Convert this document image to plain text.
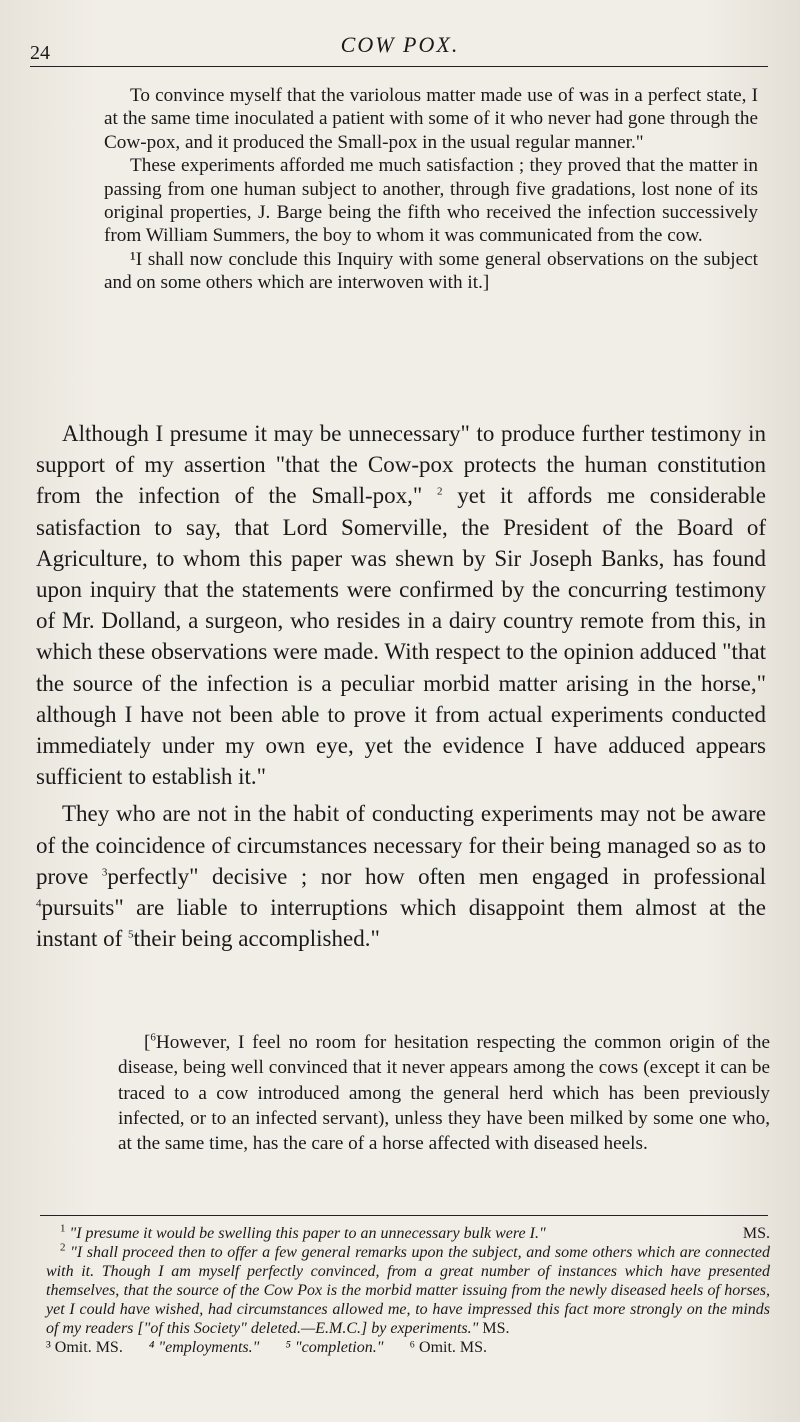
24	COW POX.

To convince myself that the variolous matter made use of was in a perfect state, I at the same time inoculated a patient with some of it who never had gone through the Cow-pox, and it produced the Small-pox in the usual regular manner."

These experiments afforded me much satisfaction ; they proved that the matter in passing from one human subject to another, through five gradations, lost none of its original properties, J. Barge being the fifth who received the infection successively from William Summers, the boy to whom it was communicated from the cow.

¹I shall now conclude this Inquiry with some general observations on the subject and on some others which are interwoven with it.]

Although I presume it may be unnecessary" to produce further testimony in support of my assertion "that the Cow-pox protects the human constitution from the infection of the Small-pox," $^2$ yet it affords me considerable satisfaction to say, that Lord Somerville, the President of the Board of Agriculture, to whom this paper was shewn by Sir Joseph Banks, has found upon inquiry that the statements were confirmed by the concurring testimony of Mr. Dolland, a surgeon, who resides in a dairy country remote from this, in which these observations were made. With respect to the opinion adduced "that the source of the infection is a peculiar morbid matter arising in the horse," although I have not been able to prove it from actual experiments conducted immediately under my own eye, yet the evidence I have adduced appears sufficient to establish it."

They who are not in the habit of conducting experiments may not be aware of the coincidence of circumstances necessary for their being managed so as to prove $^3$perfectly" decisive ; nor how often men engaged in professional $^4$pursuits" are liable to interruptions which disappoint them almost at the instant of $^5$their being accomplished."

[$^6$However, I feel no room for hesitation respecting the common origin of the disease, being well convinced that it never appears among the cows (except it can be traced to a cow introduced among the general herd which has been previously infected, or to an infected servant), unless they have been milked by some one who, at the same time, has the care of a horse affected with diseased heels.

$^1$ "I presume it would be swelling this paper to an unnecessary bulk were I."	MS.

$^2$ "I shall proceed then to offer a few general remarks upon the subject, and some others which are connected with it. Though I am myself perfectly convinced, from a great number of instances which have presented themselves, that the source of the Cow Pox is the morbid matter issuing from the newly diseased heels of horses, yet I could have wished, had circumstances allowed me, to have impressed this fact more strongly on the minds of my readers ["of this Society" deleted.—E.M.C.] by experiments." MS.

³ Omit. MS. ⁴ "employments." ⁵ "completion." ⁶ Omit. MS.
